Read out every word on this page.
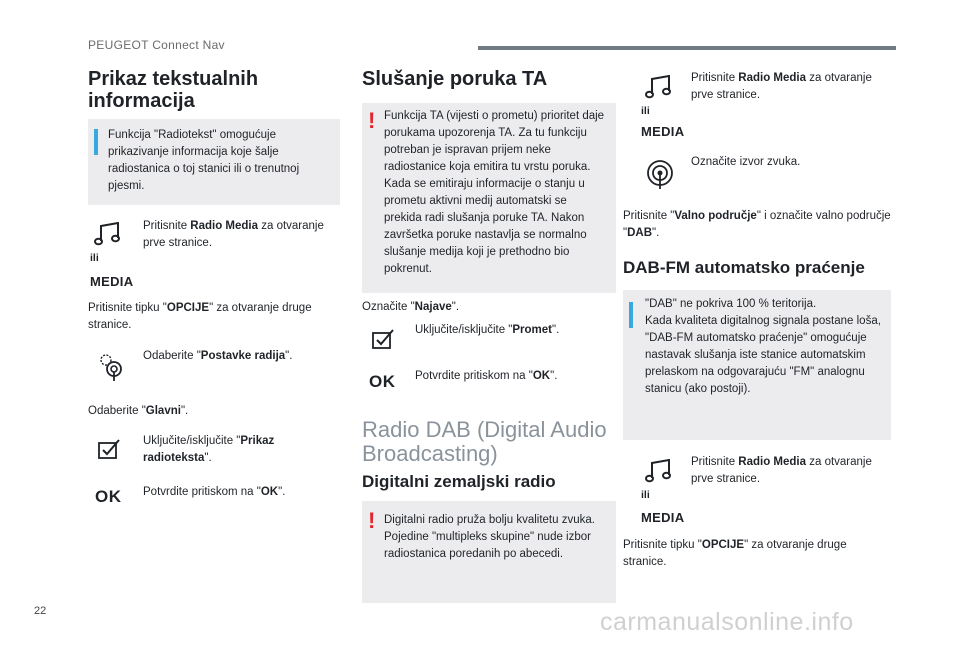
PEUGEOT Connect Nav
22	carmanualsonline.info
Prikaz tekstualnih informacija
Funkcija "Radiotekst" omogućuje prikazivanje informacija koje šalje radiostanica o toj stanici ili o trenutnoj pjesmi.
ili
MEDIA
Pritisnite Radio Media za otvaranje prve stranice.
Pritisnite tipku "OPCIJE" za otvaranje druge stranice.
Odaberite "Postavke radija".
Odaberite "Glavni".
Uključite/isključite "Prikaz radioteksta".
OK Potvrdite pritiskom na "OK".
Slušanje poruka TA
! Funkcija TA (vijesti o prometu) prioritet daje porukama upozorenja TA. Za tu funkciju potreban je ispravan prijem neke radiostanice koja emitira tu vrstu poruka. Kada se emitiraju informacije o stanju u prometu aktivni medij automatski se prekida radi slušanja poruke TA. Nakon završetka poruke nastavlja se normalno slušanje medija koji je prethodno bio pokrenut.
Označite "Najave".
Uključite/isključite "Promet".
OK Potvrdite pritiskom na "OK".
Radio DAB (Digital Audio Broadcasting)
Digitalni zemaljski radio
! Digitalni radio pruža bolju kvalitetu zvuka. Pojedine "multipleks skupine" nude izbor radiostanica poredanih po abecedi.
ili
MEDIA
Pritisnite Radio Media za otvaranje prve stranice.
Označite izvor zvuka.
Pritisnite "Valno područje" i označite valno područje "DAB".
DAB-FM automatsko praćenje
"DAB" ne pokriva 100 % teritorija.
Kada kvaliteta digitalnog signala postane loša, "DAB-FM automatsko praćenje" omogućuje nastavak slušanja iste stanice automatskim prelaskom na odgovarajuću "FM" analognu stanicu (ako postoji).
ili
MEDIA
Pritisnite Radio Media za otvaranje prve stranice.
Pritisnite tipku "OPCIJE" za otvaranje druge stranice.
